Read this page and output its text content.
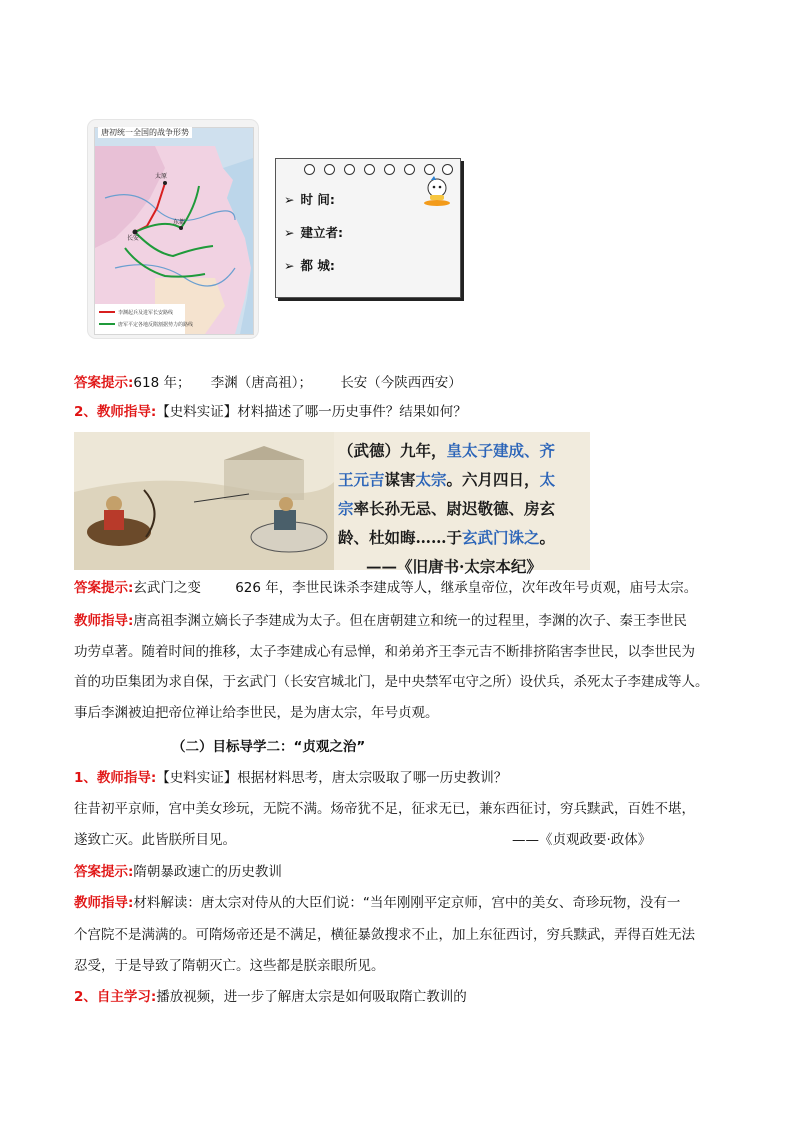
李渊起兵及进军长安路线
唐军平定各地反隋割据势力的路线
长安
太原
东都
唐初统一全国的战争形势
➢ 时 间:
➢ 建立者:
➢ 都 城:
答案提示:618 年； 李渊（唐高祖）； 长安（今陕西西安）
2、教师指导:【史料实证】材料描述了哪一历史事件？结果如何？
（武德）九年，皇太子建成、齐
王元吉谋害太宗。六月四日，太
宗率长孙无忌、尉迟敬德、房玄
龄、杜如晦……于玄武门诛之。
——《旧唐书·太宗本纪》
答案提示:玄武门之变	626 年，李世民诛杀李建成等人，继承皇帝位，次年改年号贞观，庙号太宗。
教师指导:唐高祖李渊立嫡长子李建成为太子。但在唐朝建立和统一的过程里，李渊的次子、秦王李世民
功劳卓著。随着时间的推移，太子李建成心有忌惮，和弟弟齐王李元吉不断排挤陷害李世民，以李世民为
首的功臣集团为求自保，于玄武门（长安宫城北门，是中央禁军屯守之所）设伏兵，杀死太子李建成等人。
事后李渊被迫把帝位禅让给李世民，是为唐太宗，年号贞观。
（二）目标导学二：“贞观之治”
1、教师指导:【史料实证】根据材料思考，唐太宗吸取了哪一历史教训？
往昔初平京师，宫中美女珍玩，无院不满。炀帝犹不足，征求无已，兼东西征讨，穷兵黩武，百姓不堪，
遂致亡灭。此皆朕所目见。	——《贞观政要·政体》
答案提示:隋朝暴政速亡的历史教训
教师指导:材料解读：唐太宗对侍从的大臣们说：“当年刚刚平定京师，宫中的美女、奇珍玩物，没有一
个宫院不是满满的。可隋炀帝还是不满足，横征暴敛搜求不止，加上东征西讨，穷兵黩武，弄得百姓无法
忍受，于是导致了隋朝灭亡。这些都是朕亲眼所见。
2、自主学习:播放视频，进一步了解唐太宗是如何吸取隋亡教训的
